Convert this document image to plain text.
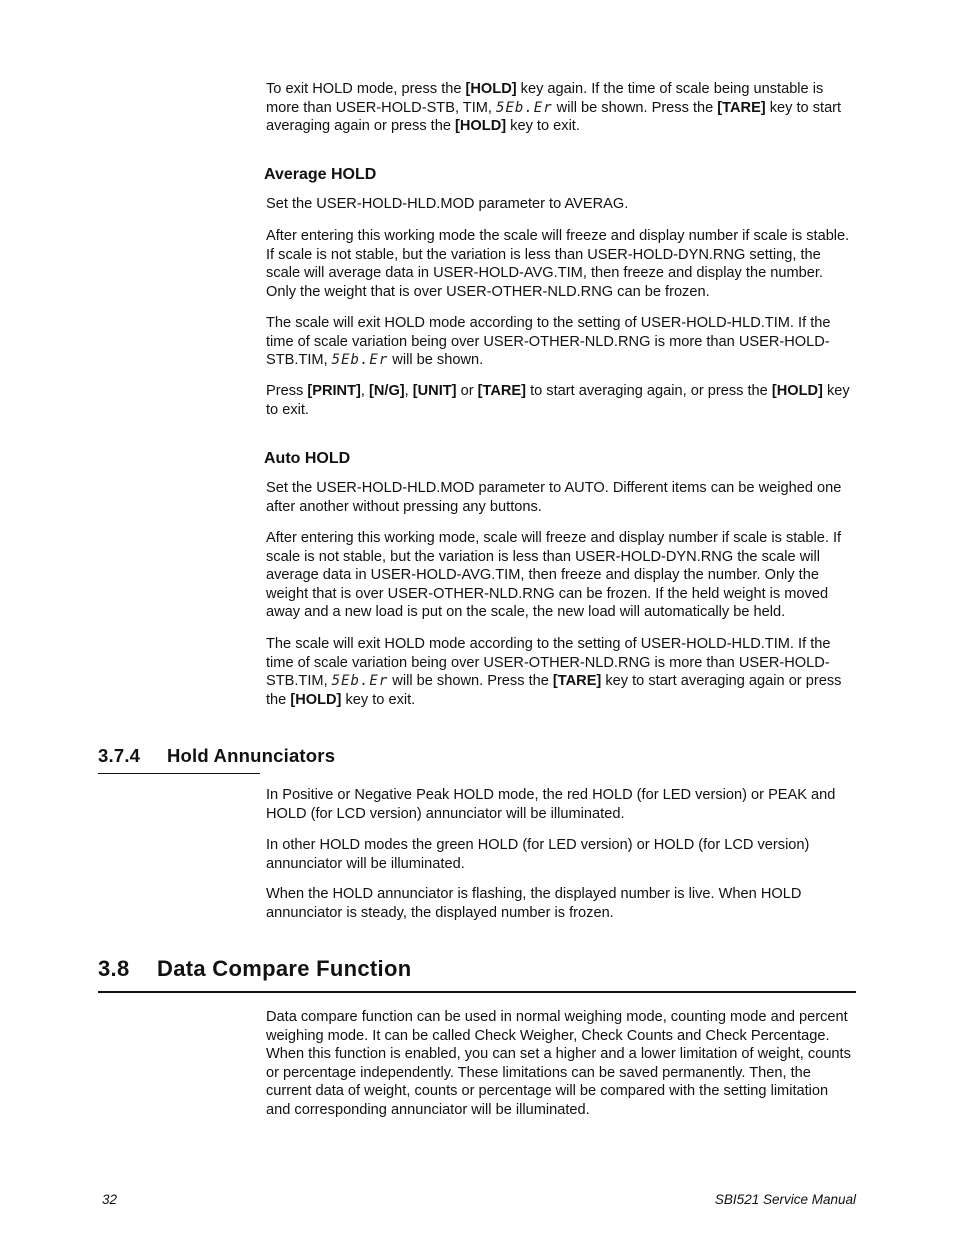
To exit HOLD mode, press the [HOLD] key again. If the time of scale being unstable is more than USER-HOLD-STB, TIM, 5Eb.Er will be shown. Press the [TARE] key to start averaging again or press the [HOLD] key to exit.

Average HOLD

Set the USER-HOLD-HLD.MOD parameter to AVERAG.

After entering this working mode the scale will freeze and display number if scale is stable. If scale is not stable, but the variation is less than USER-HOLD-DYN.RNG setting, the scale will average data in USER-HOLD-AVG.TIM, then freeze and display the number. Only the weight that is over USER-OTHER-NLD.RNG can be frozen.

The scale will exit HOLD mode according to the setting of USER-HOLD-HLD.TIM. If the time of scale variation being over USER-OTHER-NLD.RNG is more than USER-HOLD-STB.TIM, 5Eb.Er will be shown.

Press [PRINT], [N/G], [UNIT] or [TARE] to start averaging again, or press the [HOLD] key to exit.

Auto HOLD

Set the USER-HOLD-HLD.MOD parameter to AUTO. Different items can be weighed one after another without pressing any buttons.

After entering this working mode, scale will freeze and display number if scale is stable. If scale is not stable, but the variation is less than USER-HOLD-DYN.RNG the scale will average data in USER-HOLD-AVG.TIM, then freeze and display the number. Only the weight that is over USER-OTHER-NLD.RNG can be frozen. If the held weight is moved away and a new load is put on the scale, the new load will automatically be held.

The scale will exit HOLD mode according to the setting of USER-HOLD-HLD.TIM. If the time of scale variation being over USER-OTHER-NLD.RNG is more than USER-HOLD-STB.TIM, 5Eb.Er will be shown. Press the [TARE] key to start averaging again or press the [HOLD] key to exit.

3.7.4 Hold Annunciators

In Positive or Negative Peak HOLD mode, the red HOLD (for LED version) or PEAK and HOLD (for LCD version) annunciator will be illuminated.

In other HOLD modes the green HOLD (for LED version) or HOLD (for LCD version) annunciator will be illuminated.

When the HOLD annunciator is flashing, the displayed number is live. When HOLD annunciator is steady, the displayed number is frozen.

3.8 Data Compare Function

Data compare function can be used in normal weighing mode, counting mode and percent weighing mode. It can be called Check Weigher, Check Counts and Check Percentage. When this function is enabled, you can set a higher and a lower limitation of weight, counts or percentage independently. These limitations can be saved permanently. Then, the current data of weight, counts or percentage will be compared with the setting limitation and corresponding annunciator will be illuminated.

32	SBI521 Service Manual
